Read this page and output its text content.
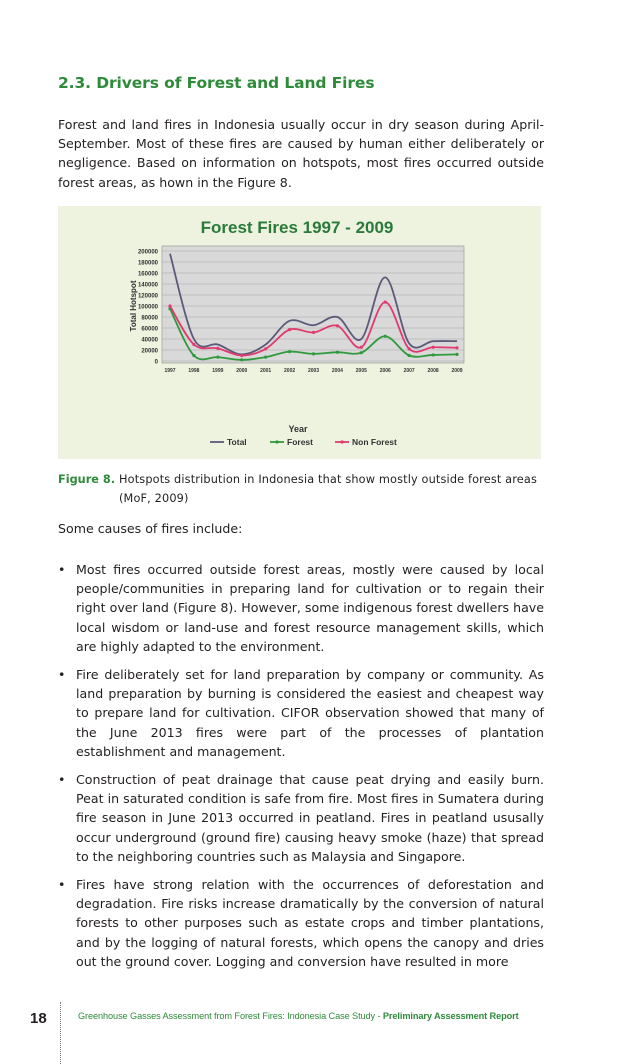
2.3. Drivers of Forest and Land Fires
Forest and land fires in Indonesia usually occur in dry season during April-September. Most of these fires are caused by human either deliberately or negligence. Based on information on hotspots, most fires occurred outside forest areas, as hown in the Figure 8.
Forest Fires 1997 - 2009
0
20000
40000
60000
80000
100000
120000
140000
160000
180000
200000
1997	1998	1999	2000	2001	2002	2003	2004	2005	2006	2007	2008	2009
Total Hotspot
Year
Total	Forest	Non Forest
Figure 8. Hotspots distribution in Indonesia that show mostly outside forest areas (MoF, 2009)
Some causes of fires include:
• Most fires occurred outside forest areas, mostly were caused by local people/communities in preparing land for cultivation or to regain their right over land (Figure 8). However, some indigenous forest dwellers have local wisdom or land-use and forest resource management skills, which are highly adapted to the environment.
• Fire deliberately set for land preparation by company or community. As land preparation by burning is considered the easiest and cheapest way to prepare land for cultivation. CIFOR observation showed that many of the June 2013 fires were part of the processes of plantation establishment and management.
• Construction of peat drainage that cause peat drying and easily burn. Peat in saturated condition is safe from fire. Most fires in Sumatera during fire season in June 2013 occurred in peatland. Fires in peatland ususally occur underground (ground fire) causing heavy smoke (haze) that spread to the neighboring countries such as Malaysia and Singapore.
• Fires have strong relation with the occurrences of deforestation and degradation. Fire risks increase dramatically by the conversion of natural forests to other purposes such as estate crops and timber plantations, and by the logging of natural forests, which opens the canopy and dries out the ground cover. Logging and conversion have resulted in more
18	Greenhouse Gasses Assessment from Forest Fires: Indonesia Case Study - Preliminary Assessment Report
